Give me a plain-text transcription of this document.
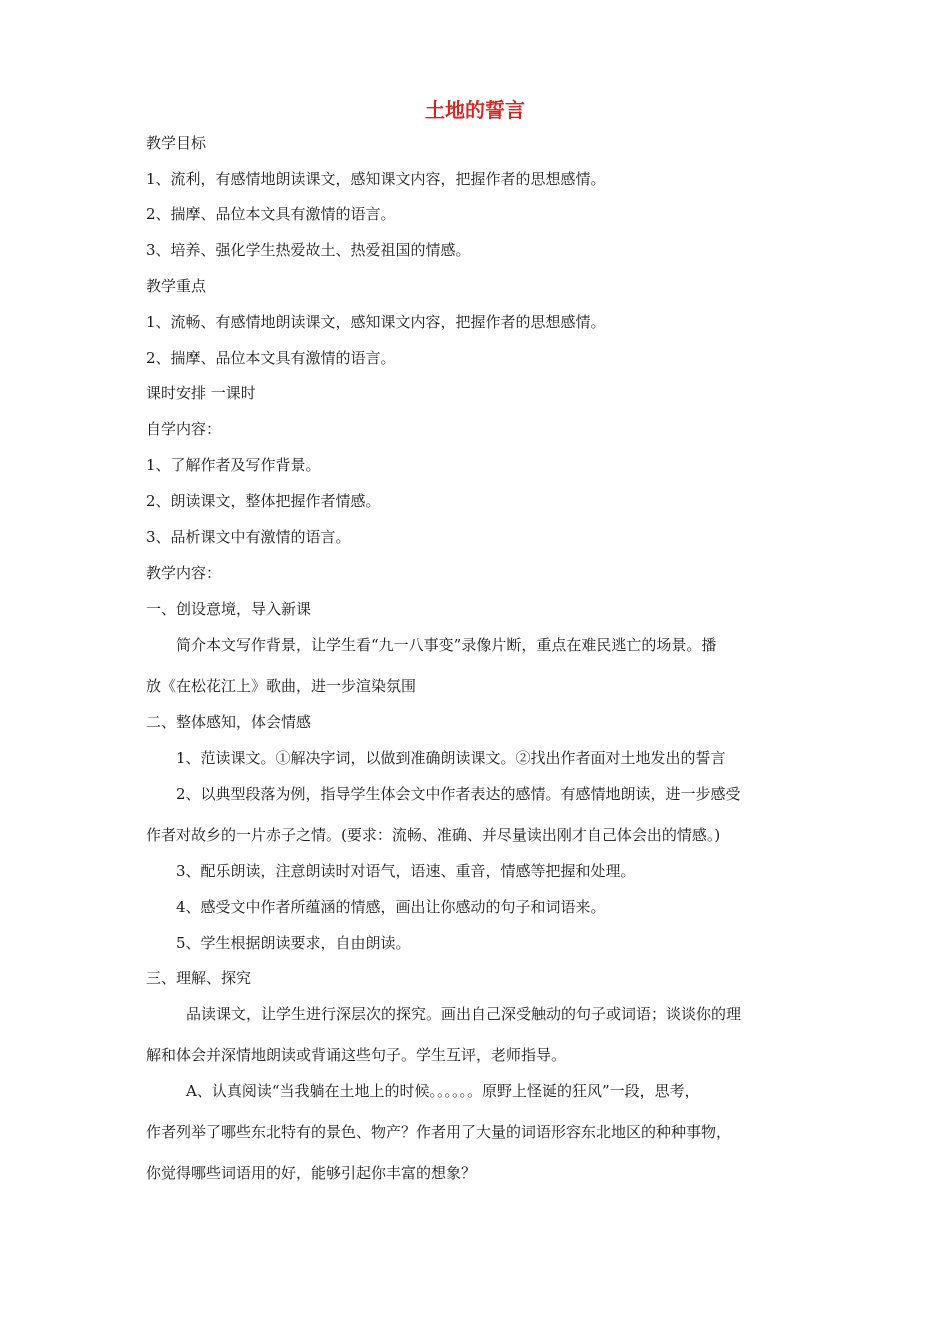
土地的誓言
教学目标
1、流利，有感情地朗读课文，感知课文内容，把握作者的思想感情。
2、揣摩、品位本文具有激情的语言。
3、培养、强化学生热爱故土、热爱祖国的情感。
教学重点
1、流畅、有感情地朗读课文，感知课文内容，把握作者的思想感情。
2、揣摩、品位本文具有激情的语言。
课时安排 一课时
自学内容：
1、了解作者及写作背景。
2、朗读课文，整体把握作者情感。
3、品析课文中有激情的语言。
教学内容：
一、创设意境，导入新课
简介本文写作背景，让学生看“九一八事变”录像片断，重点在难民逃亡的场景。播
放《在松花江上》歌曲，进一步渲染氛围
二、整体感知，体会情感
1、范读课文。①解决字词，以做到准确朗读课文。②找出作者面对土地发出的誓言
2、以典型段落为例，指导学生体会文中作者表达的感情。有感情地朗读，进一步感受
作者对故乡的一片赤子之情。(要求：流畅、准确、并尽量读出刚才自己体会出的情感。)
3、配乐朗读，注意朗读时对语气，语速、重音，情感等把握和处理。
4、感受文中作者所蕴涵的情感，画出让你感动的句子和词语来。
5、学生根据朗读要求，自由朗读。
三、理解、探究
品读课文，让学生进行深层次的探究。画出自己深受触动的句子或词语；谈谈你的理
解和体会并深情地朗读或背诵这些句子。学生互评，老师指导。
A、认真阅读“当我躺在土地上的时候。。。。。。原野上怪诞的狂风”一段，思考，
作者列举了哪些东北特有的景色、物产？作者用了大量的词语形容东北地区的种种事物，
你觉得哪些词语用的好，能够引起你丰富的想象？
